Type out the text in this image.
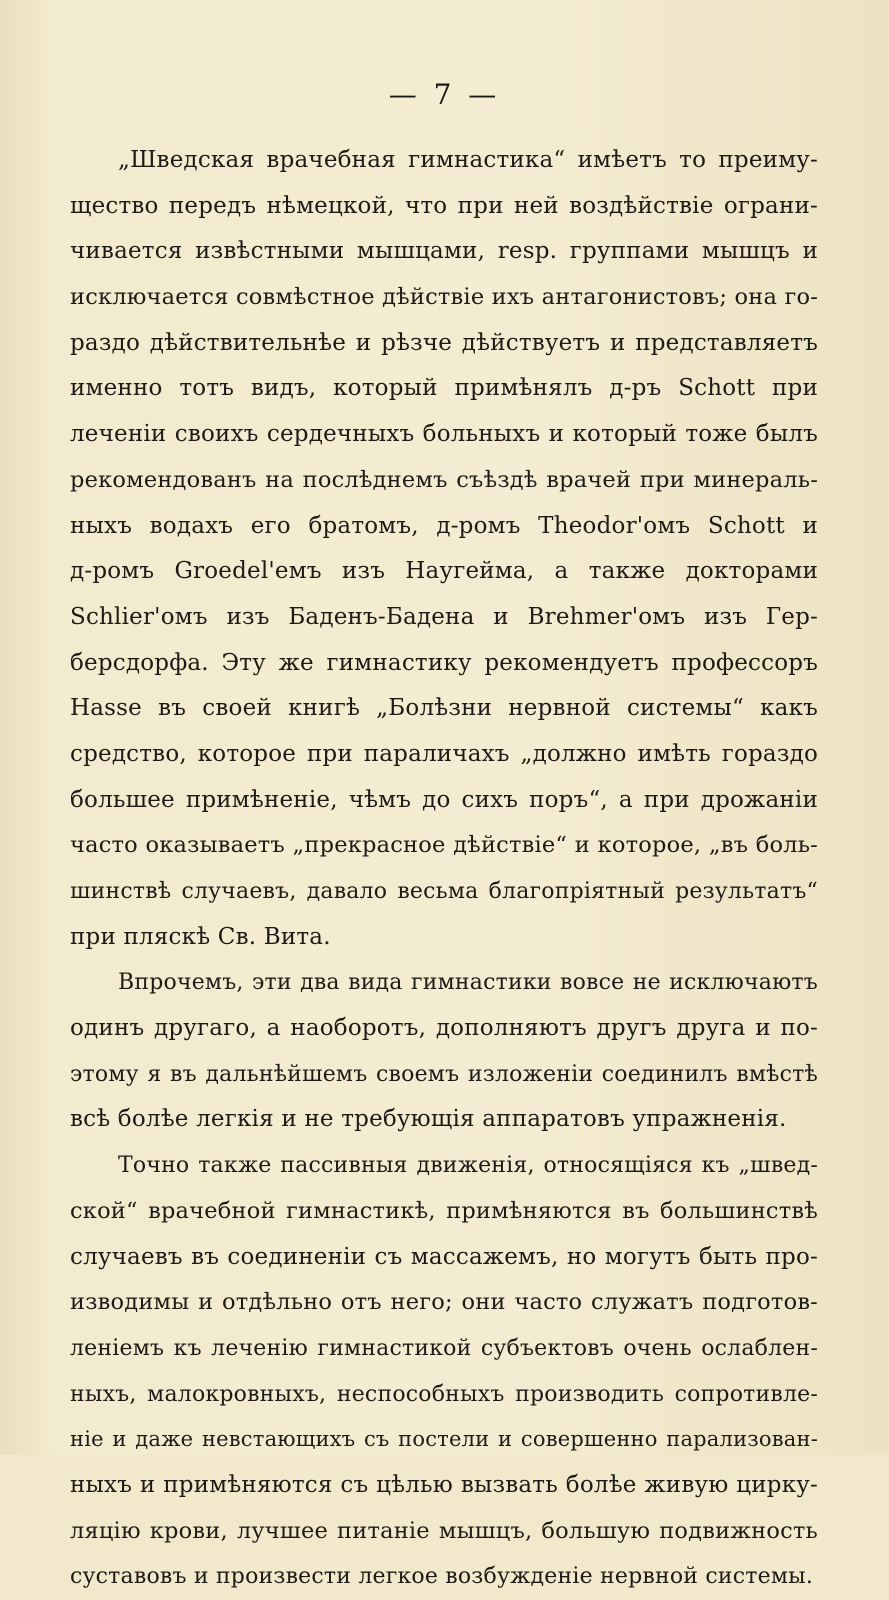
— 7 —
„Шведская врачебная гимнастика“ имѣетъ то преиму-
щество передъ нѣмецкой, что при ней воздѣйствіе ограни-
чивается извѣстными мышцами, resp. группами мышцъ и
исключается совмѣстное дѣйствіе ихъ антагонистовъ; она го-
раздо дѣйствительнѣе и рѣзче дѣйствуетъ и представляетъ
именно тотъ видъ, который примѣнялъ д-ръ Schott при
леченіи своихъ сердечныхъ больныхъ и который тоже былъ
рекомендованъ на послѣднемъ съѣздѣ врачей при минераль-
ныхъ водахъ его братомъ, д-ромъ Theodor'омъ Schott и
д-ромъ Groedel'емъ изъ Наугейма, а также докторами
Schlier'омъ изъ Баденъ-Бадена и Brehmer'омъ изъ Гер-
берсдорфа. Эту же гимнастику рекомендуетъ профессоръ
Hasse въ своей книгѣ „Болѣзни нервной системы“ какъ
средство, которое при параличахъ „должно имѣть гораздо
большее примѣненіе, чѣмъ до сихъ поръ“, а при дрожаніи
часто оказываетъ „прекрасное дѣйствіе“ и которое, „въ боль-
шинствѣ случаевъ, давало весьма благопріятный результатъ“
при пляскѣ Св. Вита.
Впрочемъ, эти два вида гимнастики вовсе не исключаютъ
одинъ другаго, а наоборотъ, дополняютъ другъ друга и по-
этому я въ дальнѣйшемъ своемъ изложеніи соединилъ вмѣстѣ
всѣ болѣе легкія и не требующія аппаратовъ упражненія.
Точно также пассивныя движенія, относящіяся къ „швед-
ской“ врачебной гимнастикѣ, примѣняются въ большинствѣ
случаевъ въ соединеніи съ массажемъ, но могутъ быть про-
изводимы и отдѣльно отъ него; они часто служатъ подготов-
леніемъ къ леченію гимнастикой субъектовъ очень ослаблен-
ныхъ, малокровныхъ, неспособныхъ производить сопротивле-
ніе и даже невстающихъ съ постели и совершенно парализован-
ныхъ и примѣняются съ цѣлью вызвать болѣе живую цирку-
ляцію крови, лучшее питаніе мышцъ, большую подвижность
суставовъ и произвести легкое возбужденіе нервной системы.
